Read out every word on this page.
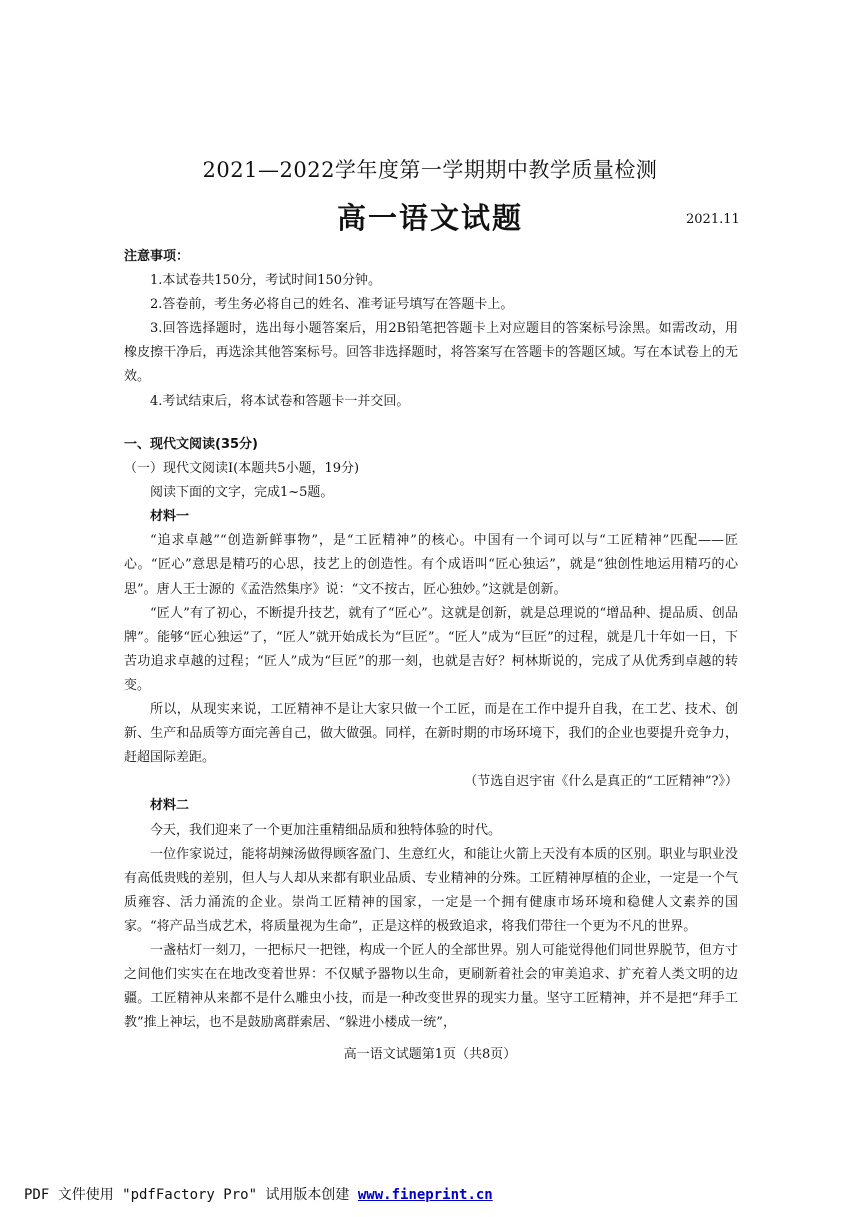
2021—2022学年度第一学期期中教学质量检测
高一语文试题	2021.11

注意事项：

1.本试卷共150分，考试时间150分钟。

2.答卷前，考生务必将自己的姓名、准考证号填写在答题卡上。

3.回答选择题时，选出每小题答案后，用2B铅笔把答题卡上对应题目的答案标号涂黑。如需改动，用橡皮擦干净后，再选涂其他答案标号。回答非选择题时，将答案写在答题卡的答题区域。写在本试卷上的无效。

4.考试结束后，将本试卷和答题卡一并交回。

一、现代文阅读(35分)

（一）现代文阅读Ⅰ(本题共5小题，19分)

阅读下面的文字，完成1~5题。

材料一

“追求卓越”“创造新鲜事物”，是“工匠精神”的核心。中国有一个词可以与“工匠精神”匹配——匠心。“匠心”意思是精巧的心思，技艺上的创造性。有个成语叫“匠心独运”，就是“独创性地运用精巧的心思”。唐人王士源的《孟浩然集序》说：“文不按古，匠心独妙。”这就是创新。

“匠人”有了初心，不断提升技艺，就有了“匠心”。这就是创新，就是总理说的“增品种、提品质、创品牌”。能够“匠心独运”了，“匠人”就开始成长为“巨匠”。“匠人”成为“巨匠”的过程，就是几十年如一日，下苦功追求卓越的过程；“匠人”成为“巨匠”的那一刻，也就是吉好？柯林斯说的，完成了从优秀到卓越的转变。

所以，从现实来说，工匠精神不是让大家只做一个工匠，而是在工作中提升自我，在工艺、技术、创新、生产和品质等方面完善自己，做大做强。同样，在新时期的市场环境下，我们的企业也要提升竞争力，赶超国际差距。

（节选自迟宇宙《什么是真正的“工匠精神”?》）

材料二

今天，我们迎来了一个更加注重精细品质和独特体验的时代。

一位作家说过，能将胡辣汤做得顾客盈门、生意红火，和能让火箭上天没有本质的区别。职业与职业没有高低贵贱的差别，但人与人却从来都有职业品质、专业精神的分殊。工匠精神厚植的企业，一定是一个气质雍容、活力涌流的企业。崇尚工匠精神的国家，一定是一个拥有健康市场环境和稳健人文素养的国家。“将产品当成艺术，将质量视为生命”，正是这样的极致追求，将我们带往一个更为不凡的世界。

一盏枯灯一刻刀，一把标尺一把锉，构成一个匠人的全部世界。别人可能觉得他们同世界脱节，但方寸之间他们实实在在地改变着世界：不仅赋予器物以生命，更刷新着社会的审美追求、扩充着人类文明的边疆。工匠精神从来都不是什么雕虫小技，而是一种改变世界的现实力量。坚守工匠精神，并不是把“拜手工教”推上神坛，也不是鼓励离群索居、“躲进小楼成一统”，

高一语文试题第1页（共8页）
PDF 文件使用 "pdfFactory Pro" 试用版本创建 www.fineprint.cn
